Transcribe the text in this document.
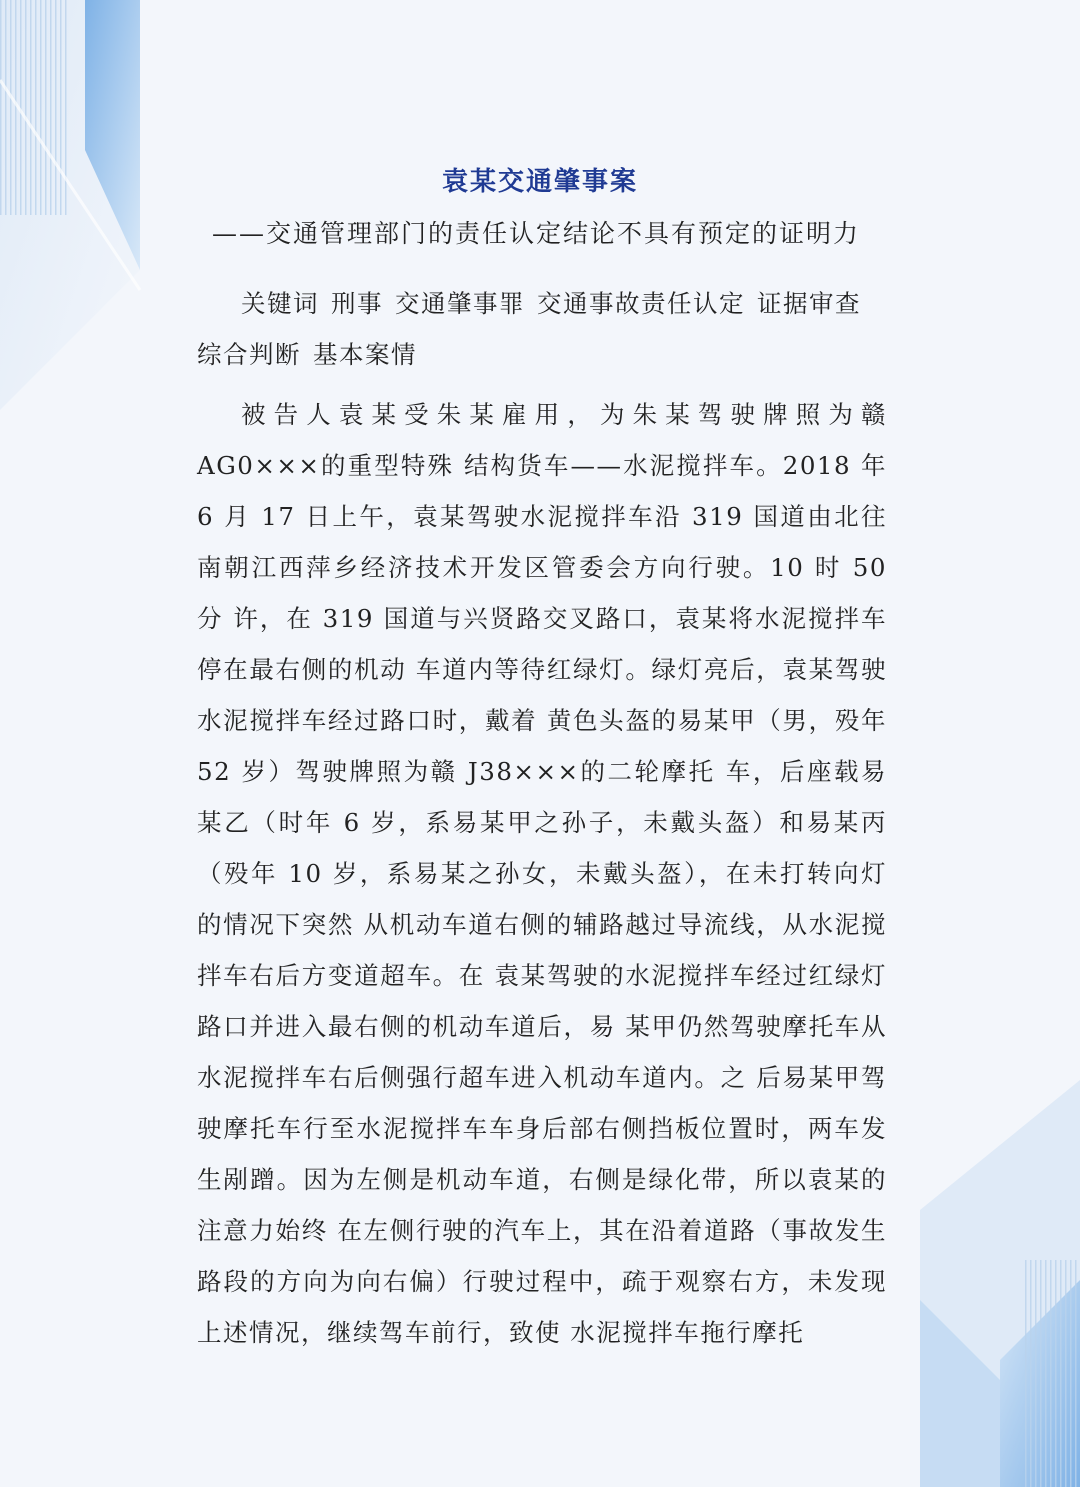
袁某交通肇事案
——交通管理部门的责任认定结论不具有预定的证明力
关键词 刑事 交通肇事罪 交通事故责任认定 证据审查综合判断 基本案情
被告人袁某受朱某雇用，为朱某驾驶牌照为赣 AG0×××的重型特殊 结构货车——水泥搅拌车。2018 年 6 月 17 日上午，袁某驾驶水泥搅拌车沿 319 国道由北往南朝江西萍乡经济技术开发区管委会方向行驶。10 时 50 分 许，在 319 国道与兴贤路交叉路口，袁某将水泥搅拌车停在最右侧的机动 车道内等待红绿灯。绿灯亮后，袁某驾驶水泥搅拌车经过路口时，戴着 黄色头盔的易某甲（男，殁年 52 岁）驾驶牌照为赣 J38×××的二轮摩托 车，后座载易某乙（时年 6 岁，系易某甲之孙子，未戴头盔）和易某丙（殁年 10 岁，系易某之孙女，未戴头盔），在未打转向灯的情况下突然 从机动车道右侧的辅路越过导流线，从水泥搅拌车右后方变道超车。在 袁某驾驶的水泥搅拌车经过红绿灯路口并进入最右侧的机动车道后，易 某甲仍然驾驶摩托车从水泥搅拌车右后侧强行超车进入机动车道内。之 后易某甲驾驶摩托车行至水泥搅拌车车身后部右侧挡板位置时，两车发生剐蹭。因为左侧是机动车道，右侧是绿化带，所以袁某的注意力始终 在左侧行驶的汽车上，其在沿着道路（事故发生路段的方向为向右偏）行驶过程中，疏于观察右方，未发现上述情况，继续驾车前行，致使 水泥搅拌车拖行摩托
